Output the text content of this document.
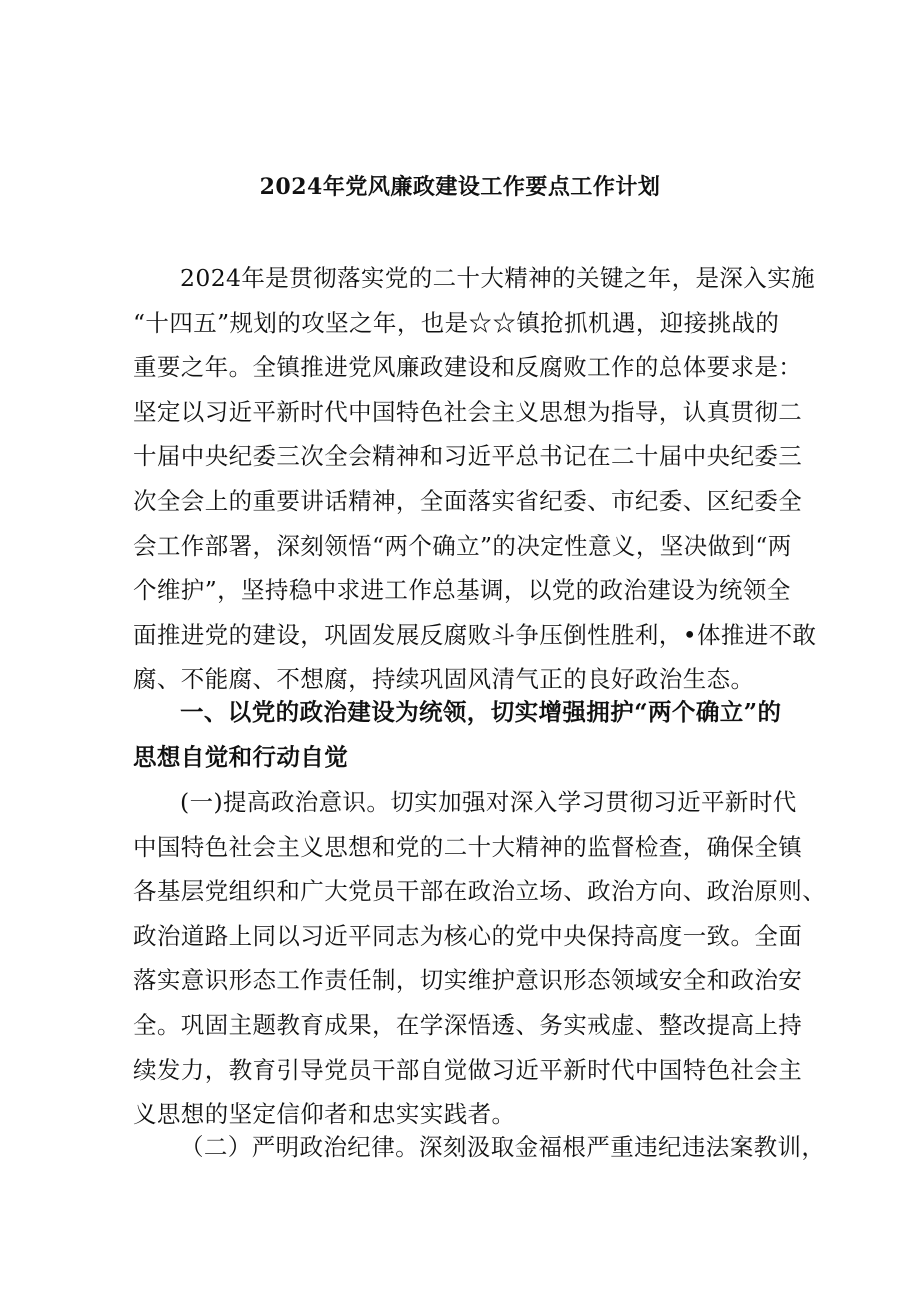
2024年党风廉政建设工作要点工作计划
2024年是贯彻落实党的二十大精神的关键之年，是深入实施
“十四五”规划的攻坚之年，也是☆☆镇抢抓机遇，迎接挑战的
重要之年。全镇推进党风廉政建设和反腐败工作的总体要求是：
坚定以习近平新时代中国特色社会主义思想为指导，认真贯彻二
十届中央纪委三次全会精神和习近平总书记在二十届中央纪委三
次全会上的重要讲话精神，全面落实省纪委、市纪委、区纪委全
会工作部署，深刻领悟“两个确立”的决定性意义，坚决做到“两
个维护”，坚持稳中求进工作总基调，以党的政治建设为统领全
面推进党的建设，巩固发展反腐败斗争压倒性胜利，•体推进不敢
腐、不能腐、不想腐，持续巩固风清气正的良好政治生态。
一、以党的政治建设为统领，切实增强拥护“两个确立”的
思想自觉和行动自觉
(一)提高政治意识。切实加强对深入学习贯彻习近平新时代
中国特色社会主义思想和党的二十大精神的监督检查，确保全镇
各基层党组织和广大党员干部在政治立场、政治方向、政治原则、
政治道路上同以习近平同志为核心的党中央保持高度一致。全面
落实意识形态工作责任制，切实维护意识形态领域安全和政治安
全。巩固主题教育成果，在学深悟透、务实戒虚、整改提高上持
续发力，教育引导党员干部自觉做习近平新时代中国特色社会主
义思想的坚定信仰者和忠实实践者。
（二）严明政治纪律。深刻汲取金福根严重违纪违法案教训，
